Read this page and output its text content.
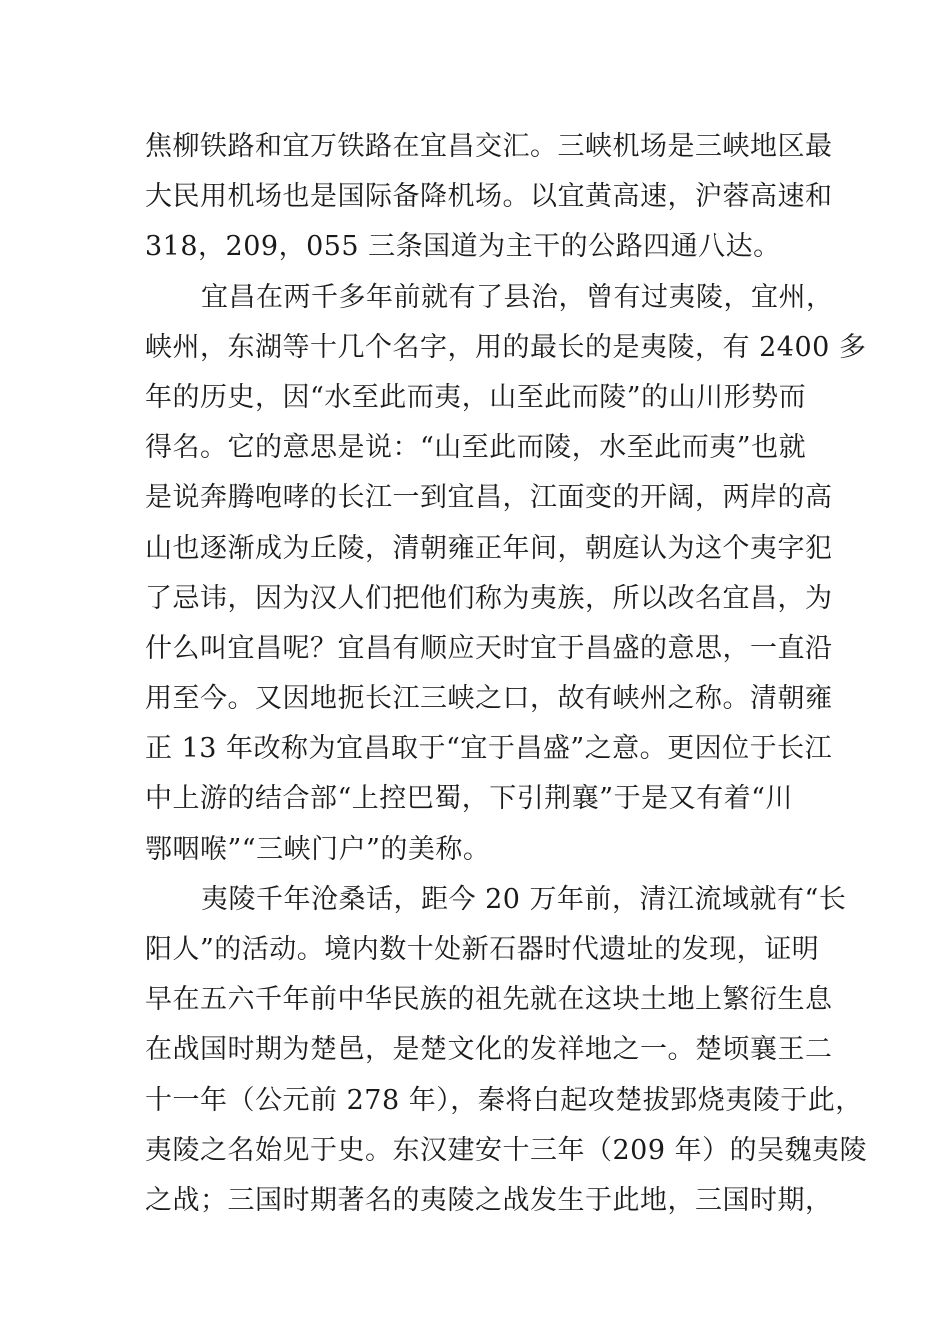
焦柳铁路和宜万铁路在宜昌交汇。三峡机场是三峡地区最
大民用机场也是国际备降机场。以宜黄高速，沪蓉高速和
318，209，055 三条国道为主干的公路四通八达。
宜昌在两千多年前就有了县治，曾有过夷陵，宜州，
峡州，东湖等十几个名字，用的最长的是夷陵，有 2400 多
年的历史，因“水至此而夷，山至此而陵”的山川形势而
得名。它的意思是说：“山至此而陵，水至此而夷”也就
是说奔腾咆哮的长江一到宜昌，江面变的开阔，两岸的高
山也逐渐成为丘陵，清朝雍正年间，朝庭认为这个夷字犯
了忌讳，因为汉人们把他们称为夷族，所以改名宜昌，为
什么叫宜昌呢？宜昌有顺应天时宜于昌盛的意思，一直沿
用至今。又因地扼长江三峡之口，故有峡州之称。清朝雍
正 13 年改称为宜昌取于“宜于昌盛”之意。更因位于长江
中上游的结合部“上控巴蜀，下引荆襄”于是又有着“川
鄂咽喉”“三峡门户”的美称。
夷陵千年沧桑话，距今 20 万年前，清江流域就有“长
阳人”的活动。境内数十处新石器时代遗址的发现，证明
早在五六千年前中华民族的祖先就在这块土地上繁衍生息
在战国时期为楚邑，是楚文化的发祥地之一。楚顷襄王二
十一年（公元前 278 年），秦将白起攻楚拔郢烧夷陵于此，
夷陵之名始见于史。东汉建安十三年（209 年）的吴魏夷陵
之战；三国时期著名的夷陵之战发生于此地，三国时期，
